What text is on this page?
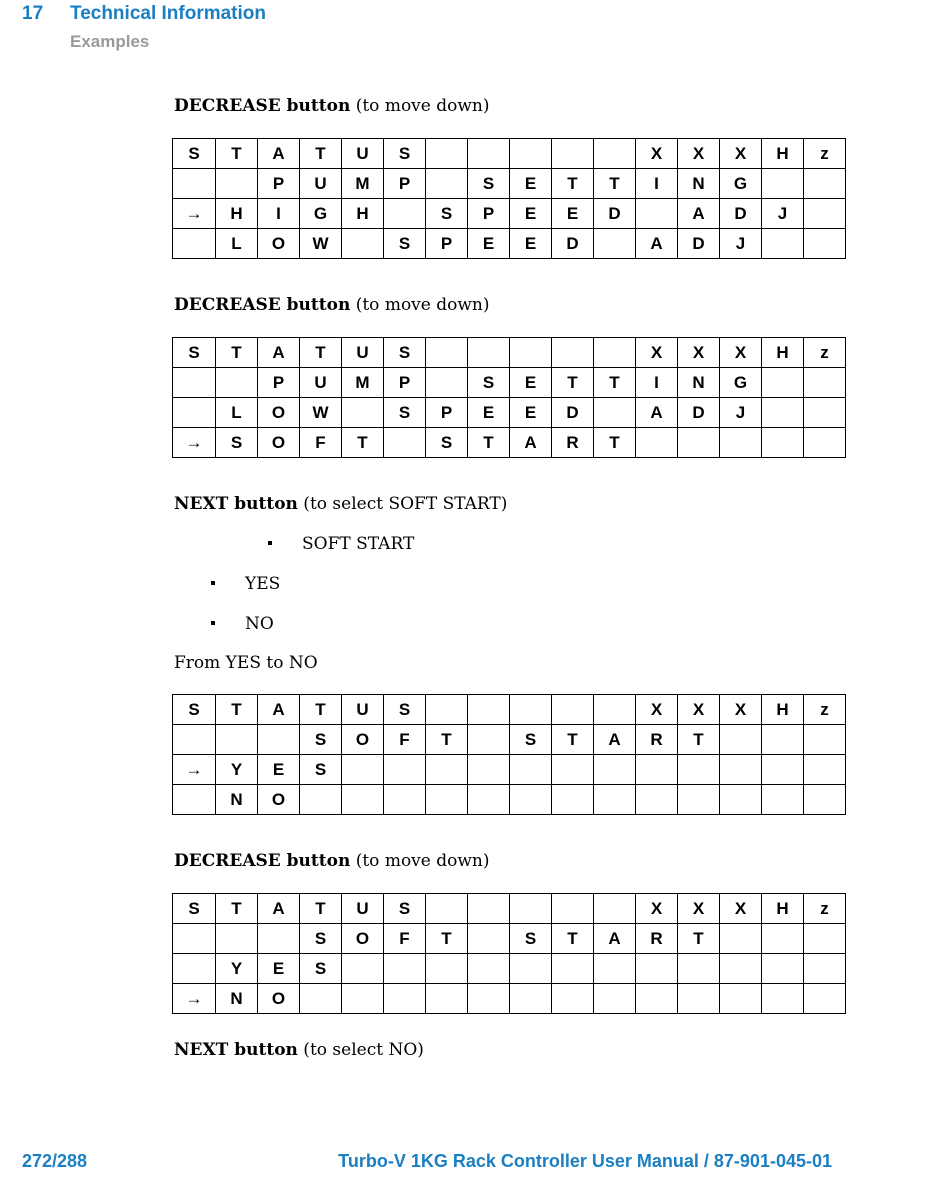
17 Technical Information
Examples
DECREASE button (to move down)
S	T	A	T	U	S						X	X	X	H	z
		P	U	M	P		S	E	T	T	I	N	G		
→	H	I	G	H		S	P	E	E	D		A	D	J	
	L	O	W		S	P	E	E	D		A	D	J		
DECREASE button (to move down)
S	T	A	T	U	S						X	X	X	H	z
		P	U	M	P		S	E	T	T	I	N	G		
	L	O	W		S	P	E	E	D		A	D	J		
→	S	O	F	T		S	T	A	R	T					
NEXT button (to select SOFT START)
SOFT START
YES
NO
From YES to NO
S	T	A	T	U	S						X	X	X	H	z
			S	O	F	T		S	T	A	R	T			
→	Y	E	S												
	N	O													
DECREASE button (to move down)
S	T	A	T	U	S						X	X	X	H	z
			S	O	F	T		S	T	A	R	T			
	Y	E	S												
→	N	O													
NEXT button (to select NO)
272/288	Turbo-V 1KG Rack Controller User Manual / 87-901-045-01
